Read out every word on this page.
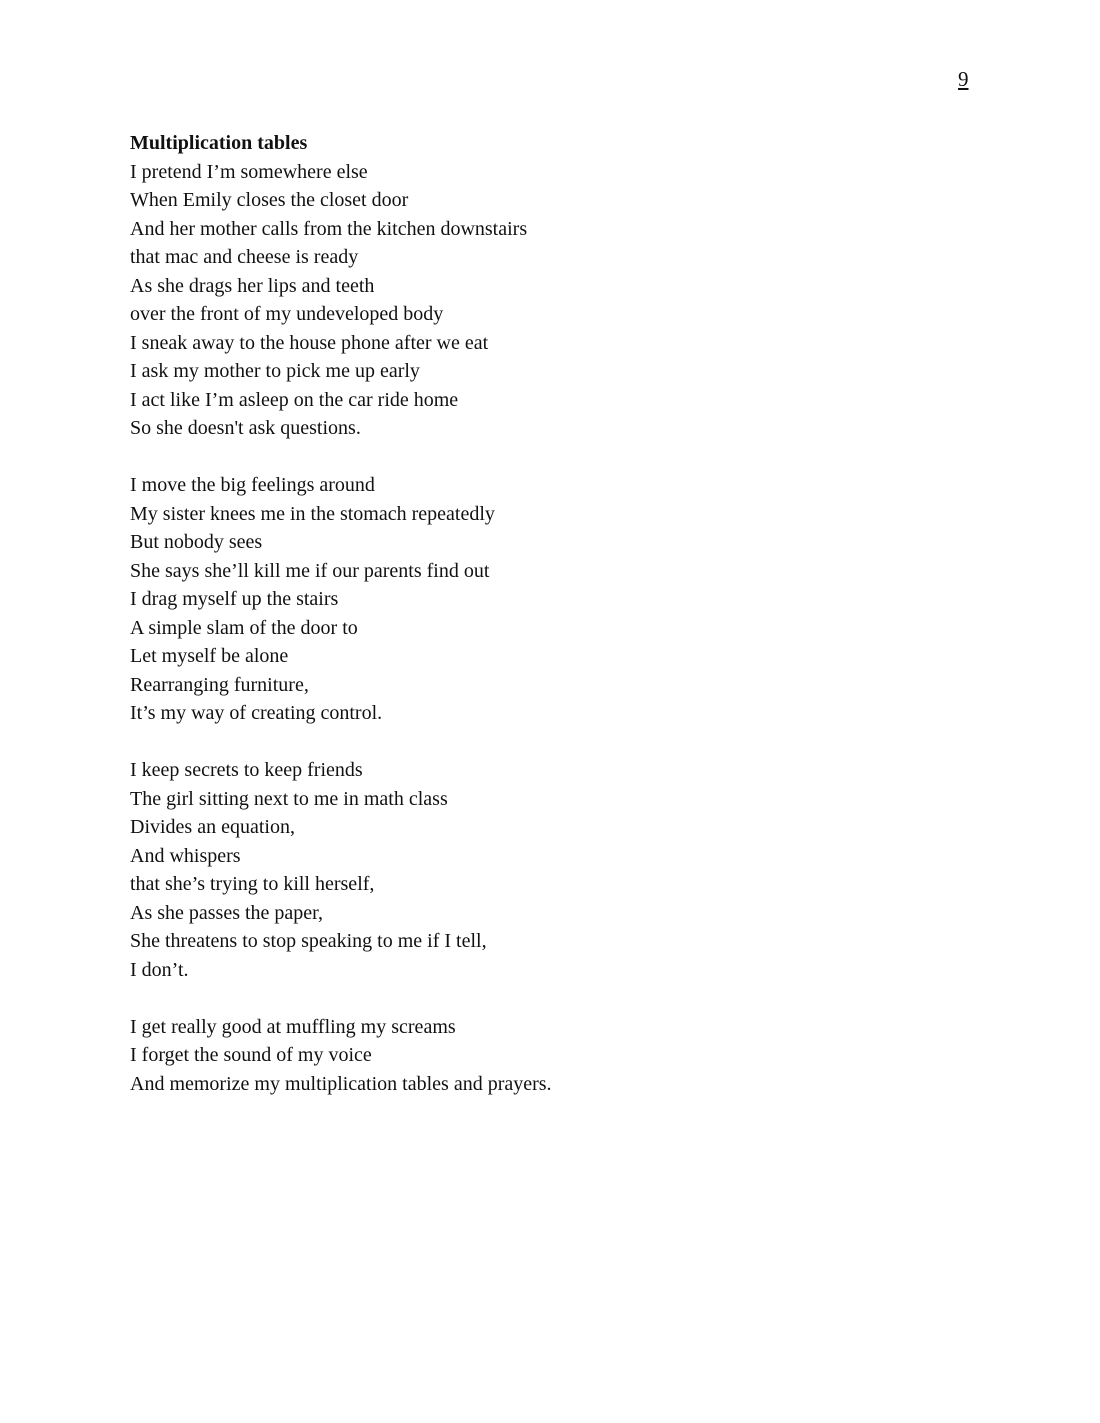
9
Multiplication tables
I pretend I’m somewhere else
When Emily closes the closet door
And her mother calls from the kitchen downstairs
that mac and cheese is ready
As she drags her lips and teeth
over the front of my undeveloped body
I sneak away to the house phone after we eat
I ask my mother to pick me up early
I act like I’m asleep on the car ride home
So she doesn't ask questions.
I move the big feelings around
My sister knees me in the stomach repeatedly
But nobody sees
She says she’ll kill me if our parents find out
I drag myself up the stairs
A simple slam of the door to
Let myself be alone
Rearranging furniture,
It’s my way of creating control.
I keep secrets to keep friends
The girl sitting next to me in math class
Divides an equation,
And whispers
that she’s trying to kill herself,
As she passes the paper,
She threatens to stop speaking to me if I tell,
I don’t.
I get really good at muffling my screams
I forget the sound of my voice
And memorize my multiplication tables and prayers.
